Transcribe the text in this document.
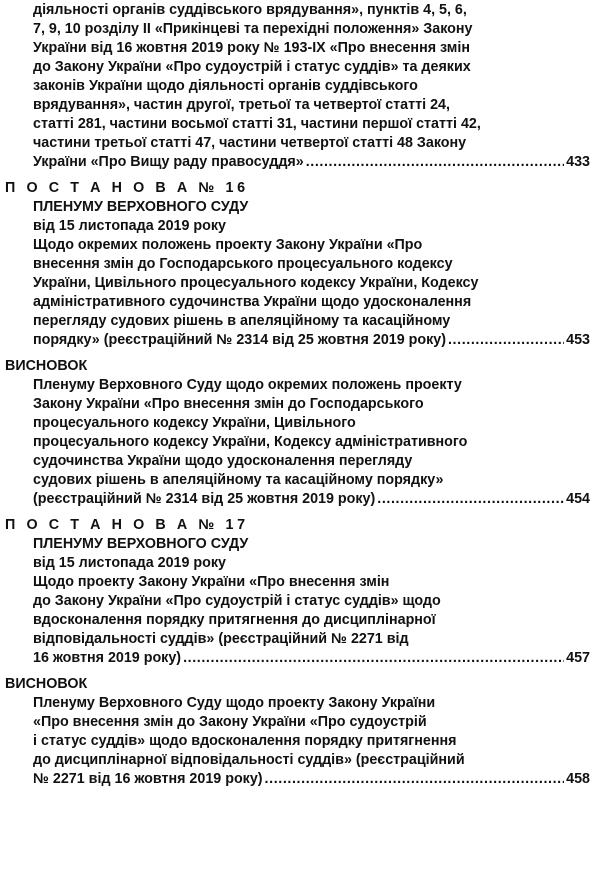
діяльності органів суддівського врядування», пунктів 4, 5, 6,
7, 9, 10 розділу II «Прикінцеві та перехідні положення» Закону
України від 16 жовтня 2019 року № 193-IX «Про внесення змін
до Закону України «Про судоустрій і статус суддів» та деяких
законів України щодо діяльності органів суддівського
врядування», частин другої, третьої та четвертої статті 24,
статті 281, частини восьмої статті 31, частини першої статті 42,
частини третьої статті 47, частини четвертої статті 48 Закону
України «Про Вищу раду правосуддя» .....	433
П О С Т А Н О В А № 16
ПЛЕНУМУ ВЕРХОВНОГО СУДУ
від 15 листопада 2019 року
Щодо окремих положень проекту Закону України «Про
внесення змін до Господарського процесуального кодексу
України, Цивільного процесуального кодексу України, Кодексу
адміністративного судочинства України щодо удосконалення
перегляду судових рішень в апеляційному та касаційному
порядку» (реєстраційний № 2314 від 25 жовтня 2019 року) .....	453
ВИСНОВОК
Пленуму Верховного Суду щодо окремих положень проекту
Закону України «Про внесення змін до Господарського
процесуального кодексу України, Цивільного
процесуального кодексу України, Кодексу адміністративного
судочинства України щодо удосконалення перегляду
судових рішень в апеляційному та касаційному порядку»
(реєстраційний № 2314 від 25 жовтня 2019 року) .....	454
П О С Т А Н О В А № 17
ПЛЕНУМУ ВЕРХОВНОГО СУДУ
від 15 листопада 2019 року
Щодо проекту Закону України «Про внесення змін
до Закону України «Про судоустрій і статус суддів» щодо
вдосконалення порядку притягнення до дисциплінарної
відповідальності суддів» (реєстраційний № 2271 від
16 жовтня 2019 року) .....	457
ВИСНОВОК
Пленуму Верховного Суду щодо проекту Закону України
«Про внесення змін до Закону України «Про судоустрій
і статус суддів» щодо вдосконалення порядку притягнення
до дисциплінарної відповідальності суддів» (реєстраційний
№ 2271 від 16 жовтня 2019 року) .....	458
